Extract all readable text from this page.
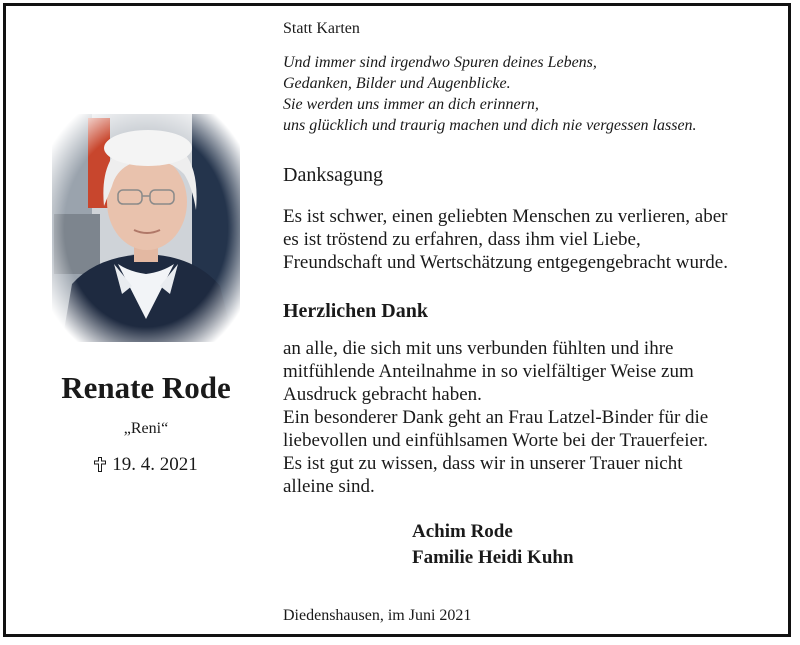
Renate Rode
„Reni“
19. 4. 2021
Statt Karten
Und immer sind irgendwo Spuren deines Lebens,
Gedanken, Bilder und Augenblicke.
Sie werden uns immer an dich erinnern,
uns glücklich und traurig machen und dich nie vergessen lassen.
Danksagung
Es ist schwer, einen geliebten Menschen zu verlieren, aber
es ist tröstend zu erfahren, dass ihm viel Liebe,
Freundschaft und Wertschätzung entgegengebracht wurde.
Herzlichen Dank
an alle, die sich mit uns verbunden fühlten und ihre
mitfühlende Anteilnahme in so vielfältiger Weise zum
Ausdruck gebracht haben.
Ein besonderer Dank geht an Frau Latzel-Binder für die
liebevollen und einfühlsamen Worte bei der Trauerfeier.
Es ist gut zu wissen, dass wir in unserer Trauer nicht
alleine sind.
Achim Rode
Familie Heidi Kuhn
Diedenshausen, im Juni 2021
